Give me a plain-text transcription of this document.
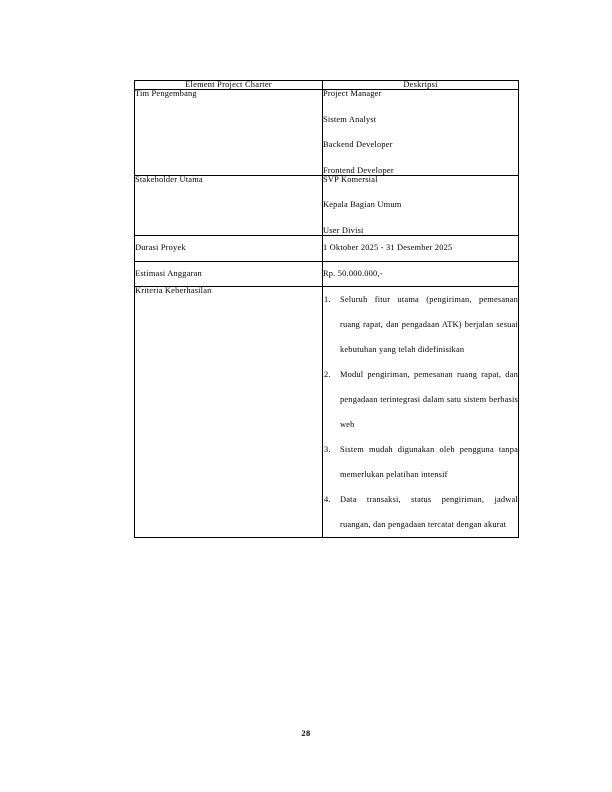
Element Project Charter	Deskripsi
Tim Pengembang	Project Manager
Sistem Analyst
Backend Developer
Frontend Developer

Stakeholder Utama	SVP Komersial
Kepala Bagian Umum
User Divisi

Durasi Proyek	1 Oktober 2025 - 31 Desember 2025

Estimasi Anggaran	Rp. 50.000.000,-

Kriteria Keberhasilan	
Seluruh fitur utama (pengiriman, pemesanan ruang rapat, dan pengadaan ATK) berjalan sesuai kebutuhan yang telah didefinisikan
Modul pengiriman, pemesanan ruang rapat, dan pengadaan terintegrasi dalam satu sistem berbasis web
Sistem mudah digunakan oleh pengguna tanpa memerlukan pelatihan intensif
Data transaksi, status pengiriman, jadwal ruangan, dan pengadaan tercatat dengan akurat
28
